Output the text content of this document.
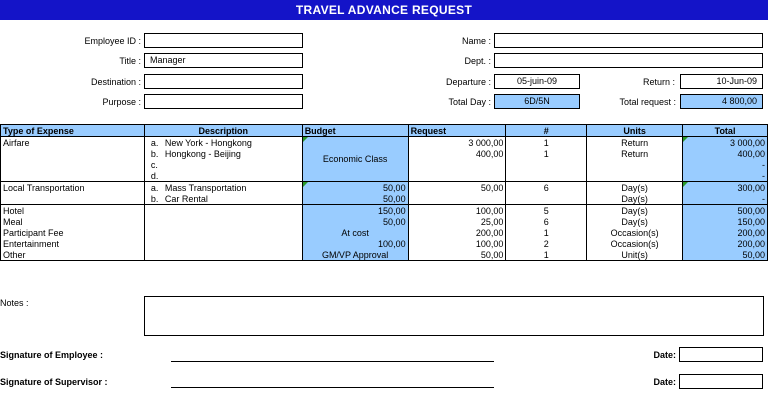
TRAVEL ADVANCE REQUEST
Employee ID :
Title :	Manager
Destination :
Purpose :
Name :
Dept. :
Departure :	05-juin-09	Return :	10-Jun-09
Total Day :	6D/5N	Total request :	4 800,00
Type of Expense	Description	Budget	Request	#	Units	Total
Airfare	a. New York - Hongkong	Economic Class	3 000,00	1	Return	3 000,00
	b. Hongkong - Beijing		400,00	1	Return	400,00
	c.					-
	d.					-
Local Transportation	a. Mass Transportation	50,00	50,00	6	Day(s)	300,00
	b. Car Rental	50,00			Day(s)	-
Hotel		150,00	100,00	5	Day(s)	500,00
Meal		50,00	25,00	6	Day(s)	150,00
Participant Fee		At cost	200,00	1	Occasion(s)	200,00
Entertainment		100,00	100,00	2	Occasion(s)	200,00
Other		GM/VP Approval	50,00	1	Unit(s)	50,00
Notes :
Signature of Employee :	Date:
Signature of Supervisor :	Date:
